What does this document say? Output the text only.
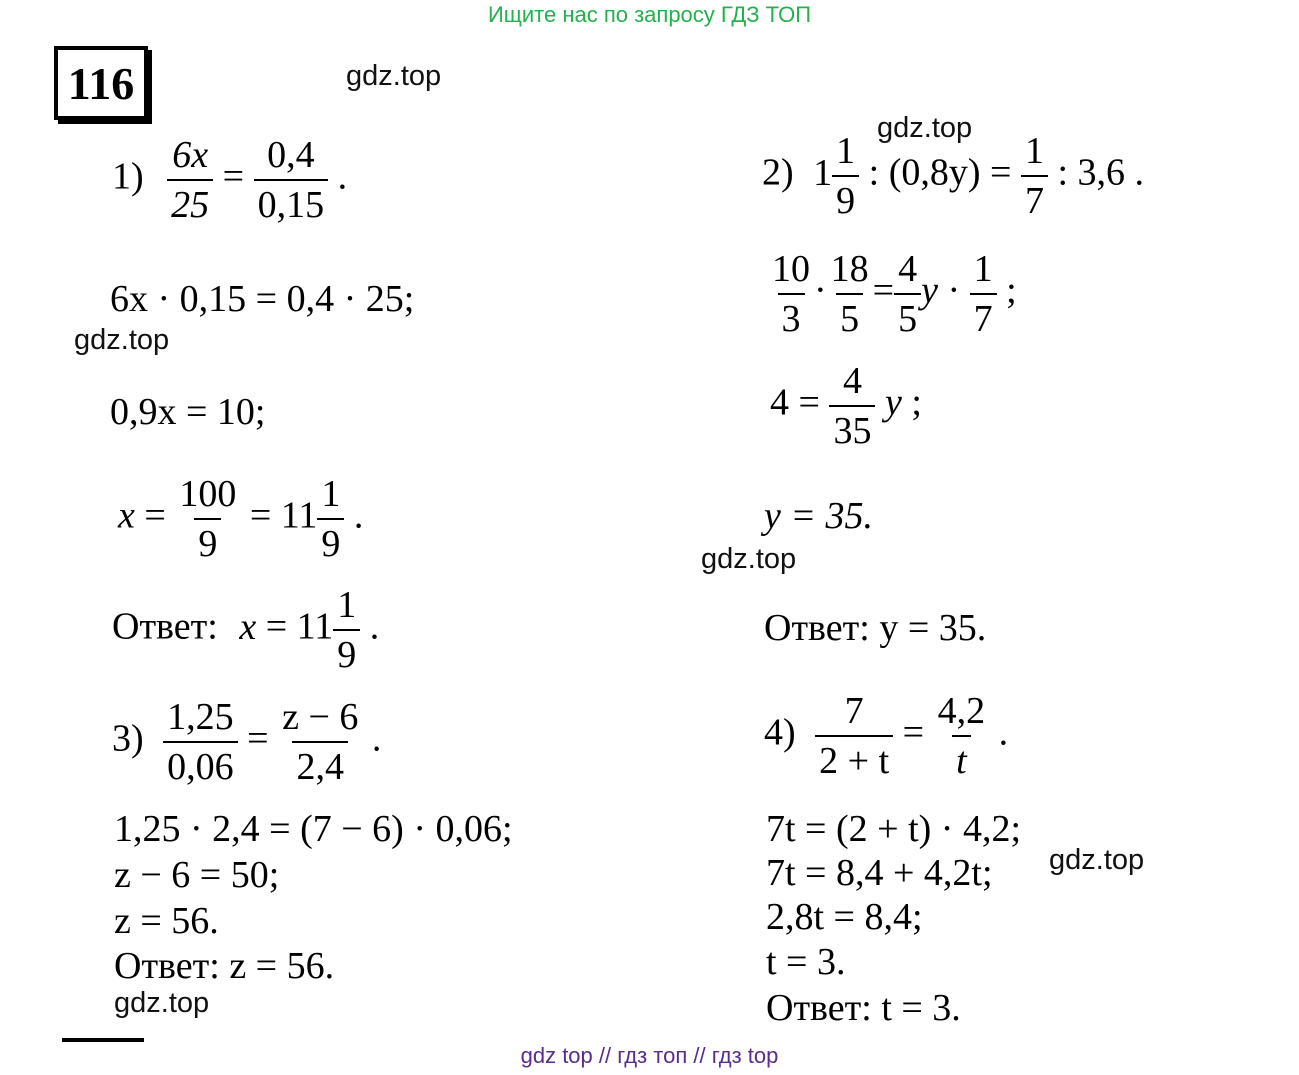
Ищите нас по запросу ГДЗ ТОП
116	gdz.top
gdz.top
gdz.top
gdz.top
gdz.top
gdz.top
$1) \frac{6x}{25} = \frac{0,4}{0,15}$ .
6x · 0,15 = 0,4 · 25;
0,9x = 10;
$x = \frac{100}{9} = 11 \frac{1}{9}$ .
Ответ: $x = 11 \frac{1}{9}$ .
2) $1 \frac{1}{9}$ : $(0,8y) = \frac{1}{7}$ : 3,6 .
$\frac{10}{3} \cdot \frac{18}{5} = \frac{4}{5}$ $y \cdot \frac{1}{7}$ ;
$4 = \frac{4}{35}$ y ;
y = 35.
Ответ: y = 35.
$3) \frac{1,25}{0,06} = \frac{z - 6}{2,4}$ .
1,25 · 2,4 = (7 − 6) · 0,06;
z − 6 = 50;
z = 56.
Ответ: z = 56.
$4) \frac{7}{2 + t} = \frac{4,2}{t}$ .
7t = (2 + t) · 4,2;
7t = 8,4 + 4,2t;
2,8t = 8,4;
t = 3.
Ответ: t = 3.
gdz top // гдз топ // гдз top
